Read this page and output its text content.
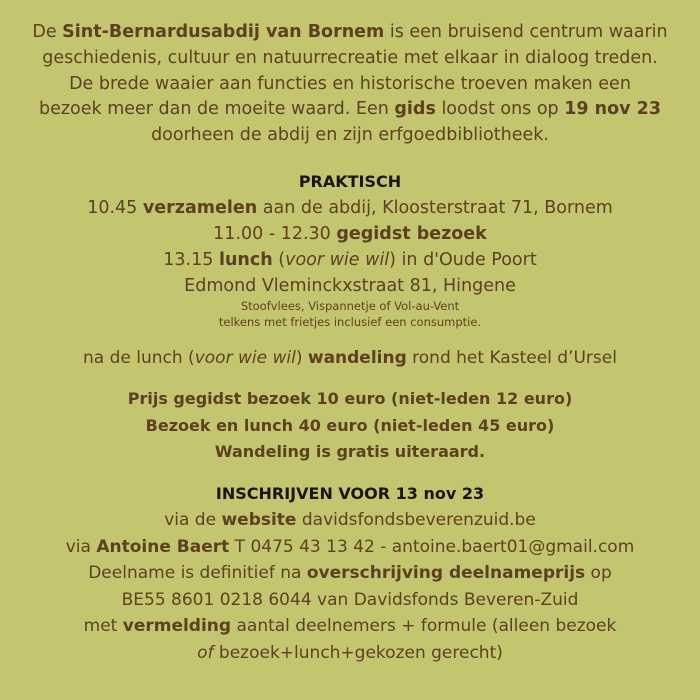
De Sint-Bernardusabdij van Bornem is een bruisend centrum waarin
geschiedenis, cultuur en natuurrecreatie met elkaar in dialoog treden.
De brede waaier aan functies en historische troeven maken een
bezoek meer dan de moeite waard. Een gids loodst ons op 19 nov 23
doorheen de abdij en zijn erfgoedbibliotheek.
PRAKTISCH
10.45 verzamelen aan de abdij, Kloosterstraat 71, Bornem
11.00 - 12.30 gegidst bezoek
13.15 lunch (voor wie wil) in d'Oude Poort
Edmond Vleminckxstraat 81, Hingene
Stoofvlees, Vispannetje of Vol-au-Vent
telkens met frietjes inclusief een consumptie.
na de lunch (voor wie wil) wandeling rond het Kasteel d’Ursel
Prijs gegidst bezoek 10 euro (niet-leden 12 euro)
Bezoek en lunch 40 euro (niet-leden 45 euro)
Wandeling is gratis uiteraard.
INSCHRIJVEN VOOR 13 nov 23
via de website davidsfondsbeverenzuid.be
via Antoine Baert T 0475 43 13 42 - antoine.baert01@gmail.com
Deelname is definitief na overschrijving deelnameprijs op
BE55 8601 0218 6044 van Davidsfonds Beveren-Zuid
met vermelding aantal deelnemers + formule (alleen bezoek
of bezoek+lunch+gekozen gerecht)
